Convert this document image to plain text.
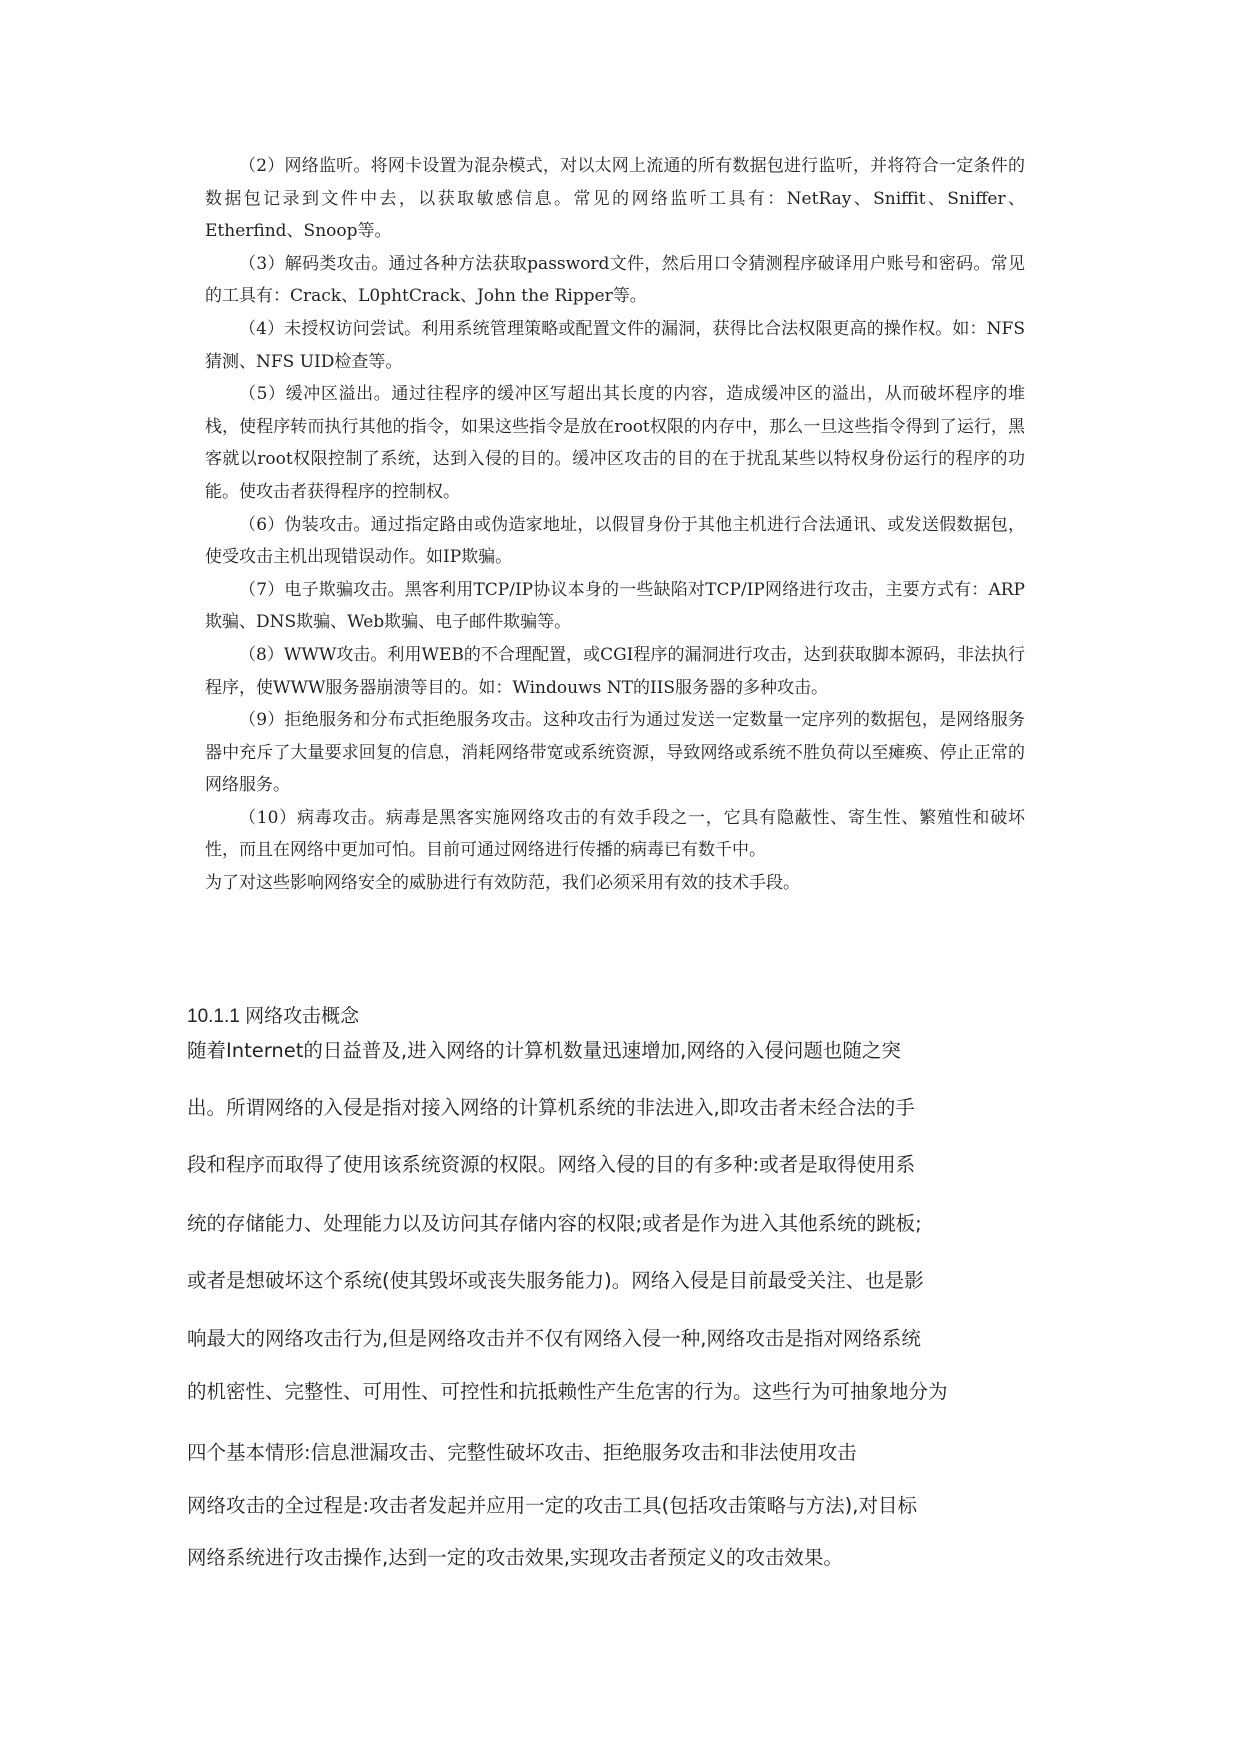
（2）网络监听。将网卡设置为混杂模式，对以太网上流通的所有数据包进行监听，并将符合一定条件的数据包记录到文件中去，以获取敏感信息。常见的网络监听工具有：NetRay、Sniffit、Sniffer、Etherfind、Snoop等。

（3）解码类攻击。通过各种方法获取password文件，然后用口令猜测程序破译用户账号和密码。常见的工具有：Crack、L0phtCrack、John the Ripper等。

（4）未授权访问尝试。利用系统管理策略或配置文件的漏洞，获得比合法权限更高的操作权。如：NFS猜测、NFS UID检查等。

（5）缓冲区溢出。通过往程序的缓冲区写超出其长度的内容，造成缓冲区的溢出，从而破坏程序的堆栈，使程序转而执行其他的指令，如果这些指令是放在root权限的内存中，那么一旦这些指令得到了运行，黑客就以root权限控制了系统，达到入侵的目的。缓冲区攻击的目的在于扰乱某些以特权身份运行的程序的功能。使攻击者获得程序的控制权。

（6）伪装攻击。通过指定路由或伪造家地址，以假冒身份于其他主机进行合法通讯、或发送假数据包，使受攻击主机出现错误动作。如IP欺骗。

（7）电子欺骗攻击。黑客利用TCP/IP协议本身的一些缺陷对TCP/IP网络进行攻击，主要方式有：ARP欺骗、DNS欺骗、Web欺骗、电子邮件欺骗等。

（8）WWW攻击。利用WEB的不合理配置，或CGI程序的漏洞进行攻击，达到获取脚本源码，非法执行程序，使WWW服务器崩溃等目的。如：Windouws NT的IIS服务器的多种攻击。

（9）拒绝服务和分布式拒绝服务攻击。这种攻击行为通过发送一定数量一定序列的数据包，是网络服务器中充斥了大量要求回复的信息，消耗网络带宽或系统资源，导致网络或系统不胜负荷以至瘫痪、停止正常的网络服务。

（10）病毒攻击。病毒是黑客实施网络攻击的有效手段之一，它具有隐蔽性、寄生性、繁殖性和破坏性，而且在网络中更加可怕。目前可通过网络进行传播的病毒已有数千中。

为了对这些影响网络安全的威胁进行有效防范，我们必须采用有效的技术手段。

10.1.1 网络攻击概念
随着Internet的日益普及,进入网络的计算机数量迅速增加,网络的入侵问题也随之突
出。所谓网络的入侵是指对接入网络的计算机系统的非法进入,即攻击者未经合法的手
段和程序而取得了使用该系统资源的权限。网络入侵的目的有多种:或者是取得使用系
统的存储能力、处理能力以及访问其存储内容的权限;或者是作为进入其他系统的跳板;
或者是想破坏这个系统(使其毁坏或丧失服务能力)。网络入侵是目前最受关注、也是影
响最大的网络攻击行为,但是网络攻击并不仅有网络入侵一种,网络攻击是指对网络系统
的机密性、完整性、可用性、可控性和抗抵赖性产生危害的行为。这些行为可抽象地分为
四个基本情形:信息泄漏攻击、完整性破坏攻击、拒绝服务攻击和非法使用攻击
网络攻击的全过程是:攻击者发起并应用一定的攻击工具(包括攻击策略与方法),对目标
网络系统进行攻击操作,达到一定的攻击效果,实现攻击者预定义的攻击效果。
